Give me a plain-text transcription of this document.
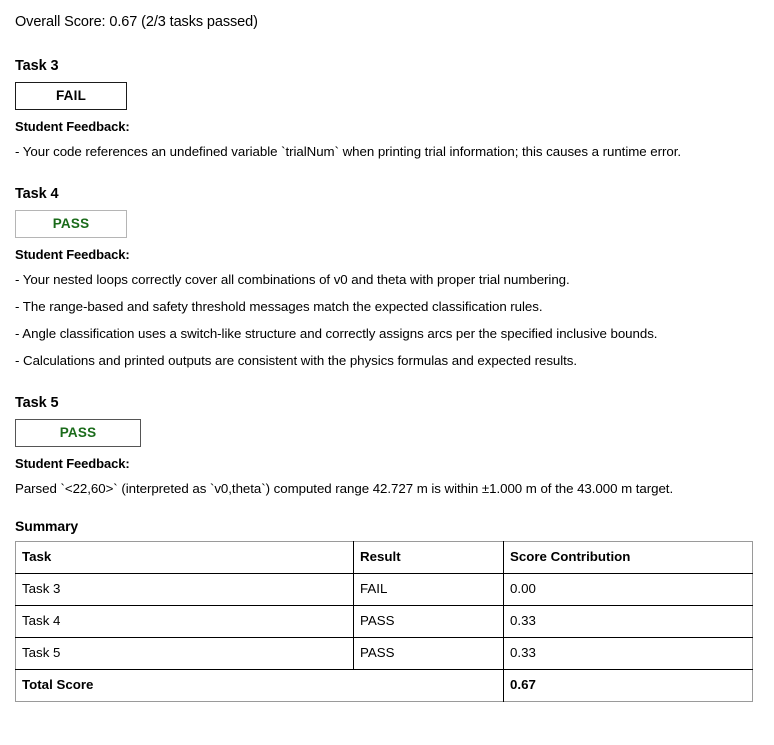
Overall Score: 0.67 (2/3 tasks passed)
Task 3
FAIL
Student Feedback:
- Your code references an undefined variable `trialNum` when printing trial information; this causes a runtime error.
Task 4
PASS
Student Feedback:
- Your nested loops correctly cover all combinations of v0 and theta with proper trial numbering.
- The range-based and safety threshold messages match the expected classification rules.
- Angle classification uses a switch-like structure and correctly assigns arcs per the specified inclusive bounds.
- Calculations and printed outputs are consistent with the physics formulas and expected results.
Task 5
PASS
Student Feedback:
Parsed `<22,60>` (interpreted as `v0,theta`) computed range 42.727 m is within ±1.000 m of the 43.000 m target.
Summary
Task	Result	Score Contribution
Task 3	FAIL	0.00
Task 4	PASS	0.33
Task 5	PASS	0.33
Total Score		0.67
